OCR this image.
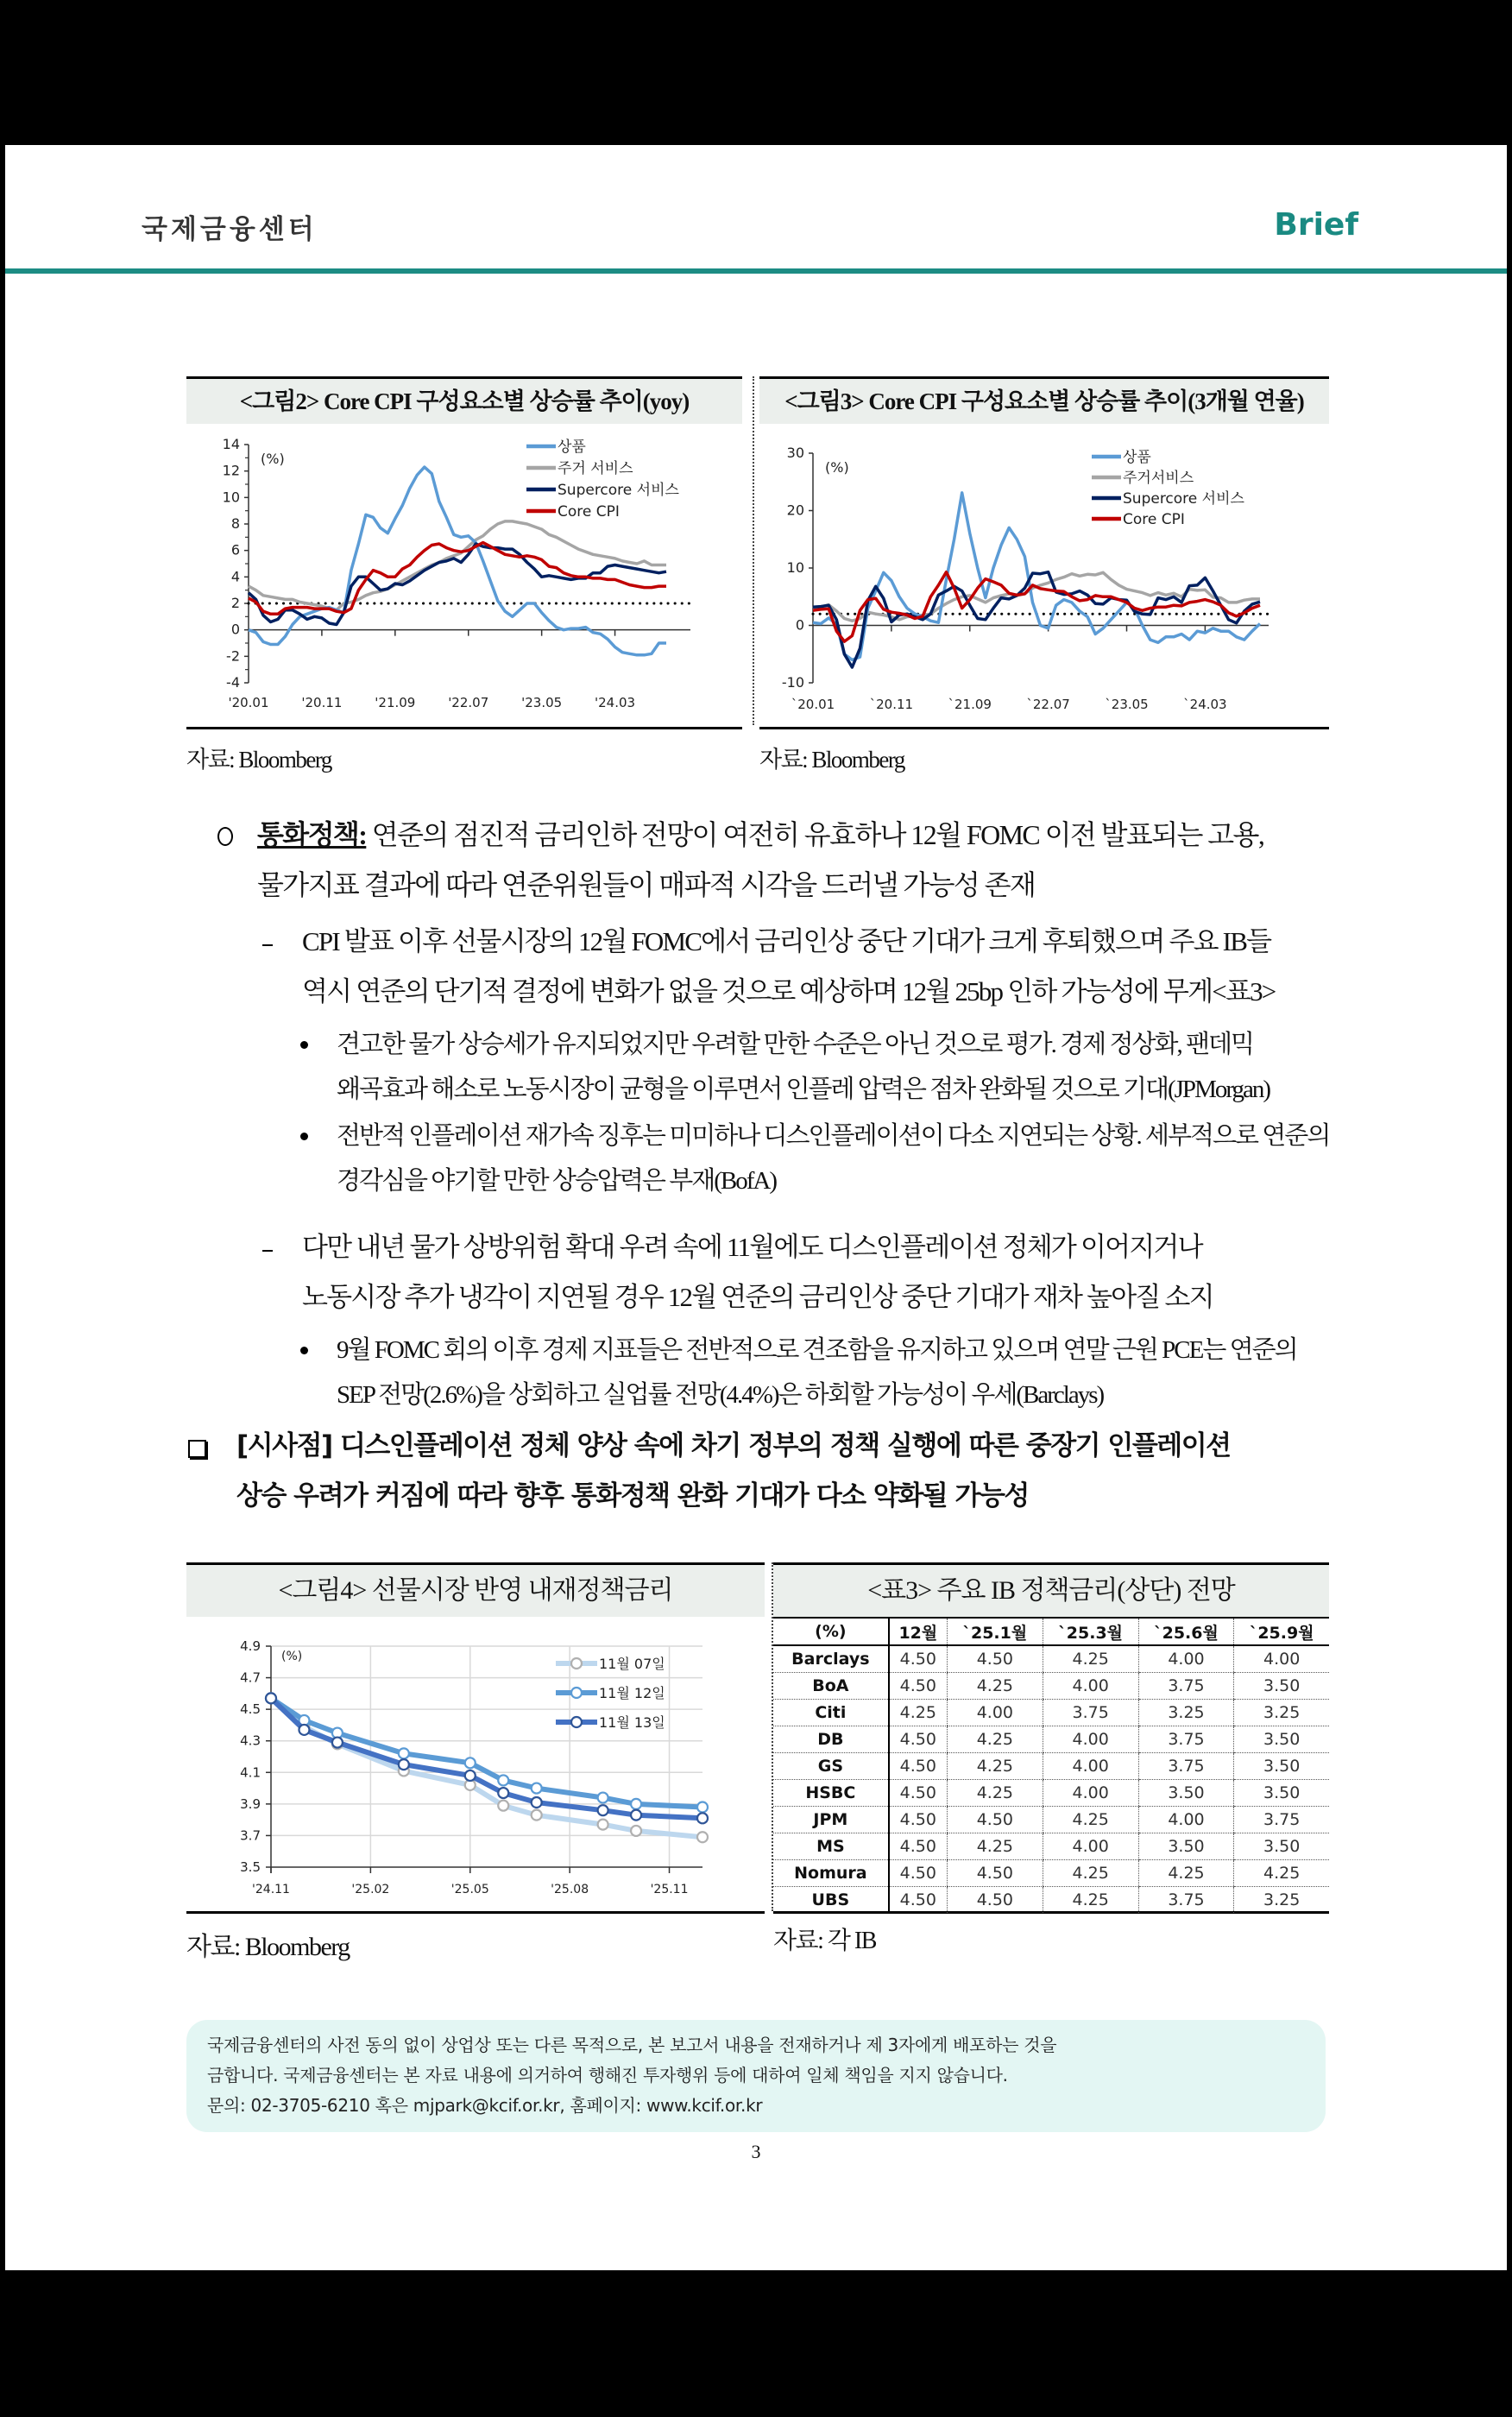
국제금융센터	Brief
<그림2> Core CPI 구성요소별 상승률 추이(yoy)
14
12
10
8
6
4
2
0
-2
-4
'20.01	'20.11	'21.09	'22.07	'23.05	'24.03
(%)
상품
주거 서비스
Supercore 서비스
Core CPI
자료: Bloomberg
<그림3> Core CPI 구성요소별 상승률 추이(3개월 연율)
30
20
10
0
-10
`20.01	`20.11	`21.09	`22.07	`23.05	`24.03
(%)
상품
주거서비스
Supercore 서비스
Core CPI
자료: Bloomberg
통화정책: 연준의 점진적 금리인하 전망이 여전히 유효하나 12월 FOMC 이전 발표되는 고용,
물가지표 결과에 따라 연준위원들이 매파적 시각을 드러낼 가능성 존재
CPI 발표 이후 선물시장의 12월 FOMC에서 금리인상 중단 기대가 크게 후퇴했으며 주요 IB들
역시 연준의 단기적 결정에 변화가 없을 것으로 예상하며 12월 25bp 인하 가능성에 무게<표3>
견고한 물가 상승세가 유지되었지만 우려할 만한 수준은 아닌 것으로 평가. 경제 정상화, 팬데믹
왜곡효과 해소로 노동시장이 균형을 이루면서 인플레 압력은 점차 완화될 것으로 기대(JPMorgan)
전반적 인플레이션 재가속 징후는 미미하나 디스인플레이션이 다소 지연되는 상황. 세부적으로 연준의
경각심을 야기할 만한 상승압력은 부재(BofA)
다만 내년 물가 상방위험 확대 우려 속에 11월에도 디스인플레이션 정체가 이어지거나
노동시장 추가 냉각이 지연될 경우 12월 연준의 금리인상 중단 기대가 재차 높아질 소지
9월 FOMC 회의 이후 경제 지표들은 전반적으로 견조함을 유지하고 있으며 연말 근원 PCE는 연준의
SEP 전망(2.6%)을 상회하고 실업률 전망(4.4%)은 하회할 가능성이 우세(Barclays)
[시사점] 디스인플레이션 정체 양상 속에 차기 정부의 정책 실행에 따른 중장기 인플레이션
상승 우려가 커짐에 따라 향후 통화정책 완화 기대가 다소 약화될 가능성
<그림4> 선물시장 반영 내재정책금리
4.9
4.7
4.5
4.3
4.1
3.9
3.7
3.5
'24.11	'25.02	'25.05	'25.08	'25.11
(%)	11월 07일
11월 12일
11월 13일
자료: Bloomberg
<표3> 주요 IB 정책금리(상단) 전망
(%)	12월	`25.1월	`25.3월	`25.6월	`25.9월
Barclays	4.50	4.50	4.25	4.00	4.00
BoA	4.50	4.25	4.00	3.75	3.50
Citi	4.25	4.00	3.75	3.25	3.25
DB	4.50	4.25	4.00	3.75	3.50
GS	4.50	4.25	4.00	3.75	3.50
HSBC	4.50	4.25	4.00	3.50	3.50
JPM	4.50	4.50	4.25	4.00	3.75
MS	4.50	4.25	4.00	3.50	3.50
Nomura	4.50	4.50	4.25	4.25	4.25
UBS	4.50	4.50	4.25	3.75	3.25
자료: 각 IB
국제금융센터의 사전 동의 없이 상업상 또는 다른 목적으로, 본 보고서 내용을 전재하거나 제 3자에게 배포하는 것을
금합니다. 국제금융센터는 본 자료 내용에 의거하여 행해진 투자행위 등에 대하여 일체 책임을 지지 않습니다.
문의: 02-3705-6210 혹은 mjpark@kcif.or.kr, 홈페이지: www.kcif.or.kr
3
